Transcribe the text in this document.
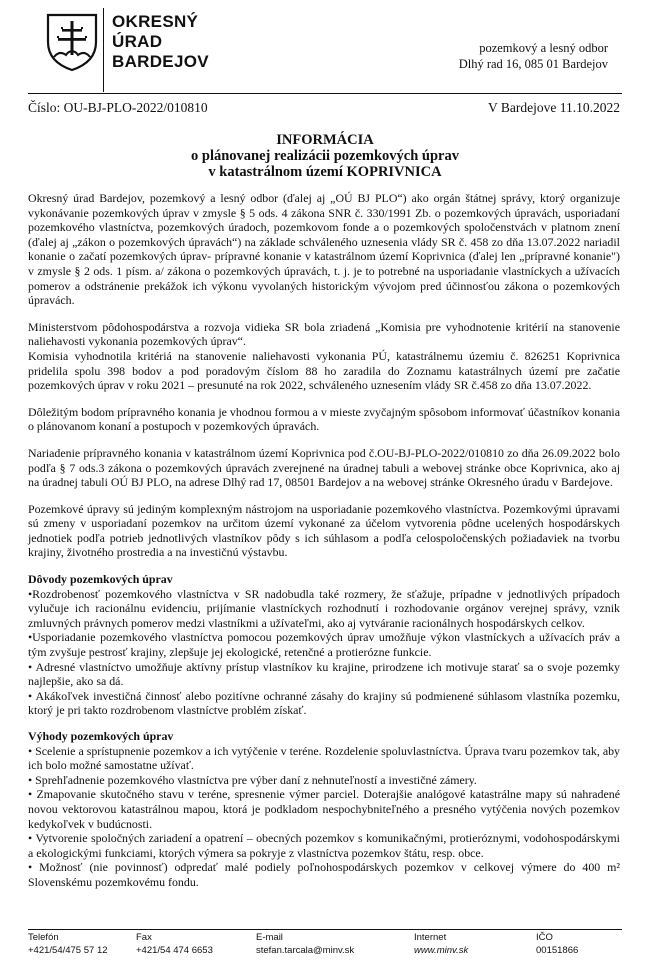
OKRESNÝ
ÚRAD
BARDEJOV
pozemkový a lesný odbor
Dlhý rad 16, 085 01 Bardejov
Číslo: OU-BJ-PLO-2022/010810	V Bardejove 11.10.2022
INFORMÁCIA
o plánovanej realizácii pozemkových úprav
v katastrálnom území KOPRIVNICA

Okresný úrad Bardejov, pozemkový a lesný odbor (ďalej aj „OÚ BJ PLO“) ako orgán štátnej správy, ktorý organizuje vykonávanie pozemkových úprav v zmysle § 5 ods. 4 zákona SNR č. 330/1991 Zb. o pozemkových úpravách, usporiadaní pozemkového vlastníctva, pozemkových úradoch, pozemkovom fonde a o pozemkových spoločenstvách v platnom znení (ďalej aj „zákon o pozemkových úpravách“) na základe schváleného uznesenia vlády SR č. 458 zo dňa 13.07.2022 nariadil konanie o začatí pozemkových úprav- prípravné konanie v katastrálnom území Koprivnica (ďalej len „prípravné konanie") v zmysle § 2 ods. 1 písm. a/ zákona o pozemkových úpravách, t. j. je to potrebné na usporiadanie vlastníckych a užívacích pomerov a odstránenie prekážok ich výkonu vyvolaných historickým vývojom pred účinnosťou zákona o pozemkových úpravách.

Ministerstvom pôdohospodárstva a rozvoja vidieka SR bola zriadená „Komisia pre vyhodnotenie kritérií na stanovenie naliehavosti vykonania pozemkových úprav“.

Komisia vyhodnotila kritériá na stanovenie naliehavosti vykonania PÚ, katastrálnemu územiu č. 826251 Koprivnica pridelila spolu 398 bodov a pod poradovým číslom 88 ho zaradila do Zoznamu katastrálnych území pre začatie pozemkových úprav v roku 2021 – presunuté na rok 2022, schváleného uznesením vlády SR č.458 zo dňa 13.07.2022.

Dôležitým bodom prípravného konania je vhodnou formou a v mieste zvyčajným spôsobom informovať účastníkov konania o plánovanom konaní a postupoch v pozemkových úpravách.

Nariadenie prípravného konania v katastrálnom území Koprivnica pod č.OU-BJ-PLO-2022/010810 zo dňa 26.09.2022 bolo podľa § 7 ods.3 zákona o pozemkových úpravách zverejnené na úradnej tabuli a webovej stránke obce Koprivnica, ako aj na úradnej tabuli OÚ BJ PLO, na adrese Dlhý rad 17, 08501 Bardejov a na webovej stránke Okresného úradu v Bardejove.

Pozemkové úpravy sú jediným komplexným nástrojom na usporiadanie pozemkového vlastníctva. Pozemkovými úpravami sú zmeny v usporiadaní pozemkov na určitom území vykonané za účelom vytvorenia pôdne ucelených hospodárskych jednotiek podľa potrieb jednotlivých vlastníkov pôdy s ich súhlasom a podľa celospoločenských požiadaviek na tvorbu krajiny, životného prostredia a na investičnú výstavbu.

Dôvody pozemkových úprav
•Rozdrobenosť pozemkového vlastníctva v SR nadobudla také rozmery, že sťažuje, prípadne v jednotlivých prípadoch vylučuje ich racionálnu evidenciu, prijímanie vlastníckych rozhodnutí i rozhodovanie orgánov verejnej správy, vznik zmluvných právnych pomerov medzi vlastníkmi a užívateľmi, ako aj vytváranie racionálnych hospodárskych celkov.
•Usporiadanie pozemkového vlastníctva pomocou pozemkových úprav umožňuje výkon vlastníckych a užívacích práv a tým zvyšuje pestrosť krajiny, zlepšuje jej ekologické, retenčné a protierózne funkcie.
• Adresné vlastníctvo umožňuje aktívny prístup vlastníkov ku krajine, prirodzene ich motivuje starať sa o svoje pozemky najlepšie, ako sa dá.
• Akákoľvek investičná činnosť alebo pozitívne ochranné zásahy do krajiny sú podmienené súhlasom vlastníka pozemku, ktorý je pri takto rozdrobenom vlastníctve problém získať.
Výhody pozemkových úprav
• Scelenie a sprístupnenie pozemkov a ich vytýčenie v teréne. Rozdelenie spoluvlastníctva. Úprava tvaru pozemkov tak, aby ich bolo možné samostatne užívať.
• Sprehľadnenie pozemkového vlastníctva pre výber daní z nehnuteľností a investičné zámery.
• Zmapovanie skutočného stavu v teréne, spresnenie výmer parciel. Doterajšie analógové katastrálne mapy sú nahradené novou vektorovou katastrálnou mapou, ktorá je podkladom nespochybniteľného a presného vytýčenia nových pozemkov kedykoľvek v budúcnosti.
• Vytvorenie spoločných zariadení a opatrení – obecných pozemkov s komunikačnými, protieróznymi, vodohospodárskymi a ekologickými funkciami, ktorých výmera sa pokryje z vlastníctva pozemkov štátu, resp. obce.
• Možnosť (nie povinnosť) odpredať malé podiely poľnohospodárskych pozemkov v celkovej výmere do 400 m² Slovenskému pozemkovému fondu.
Telefón
+421/54/475 57 12
Fax
+421/54 474 6653
E-mail
stefan.tarcala@minv.sk
Internet
www.minv.sk
IČO
00151866
